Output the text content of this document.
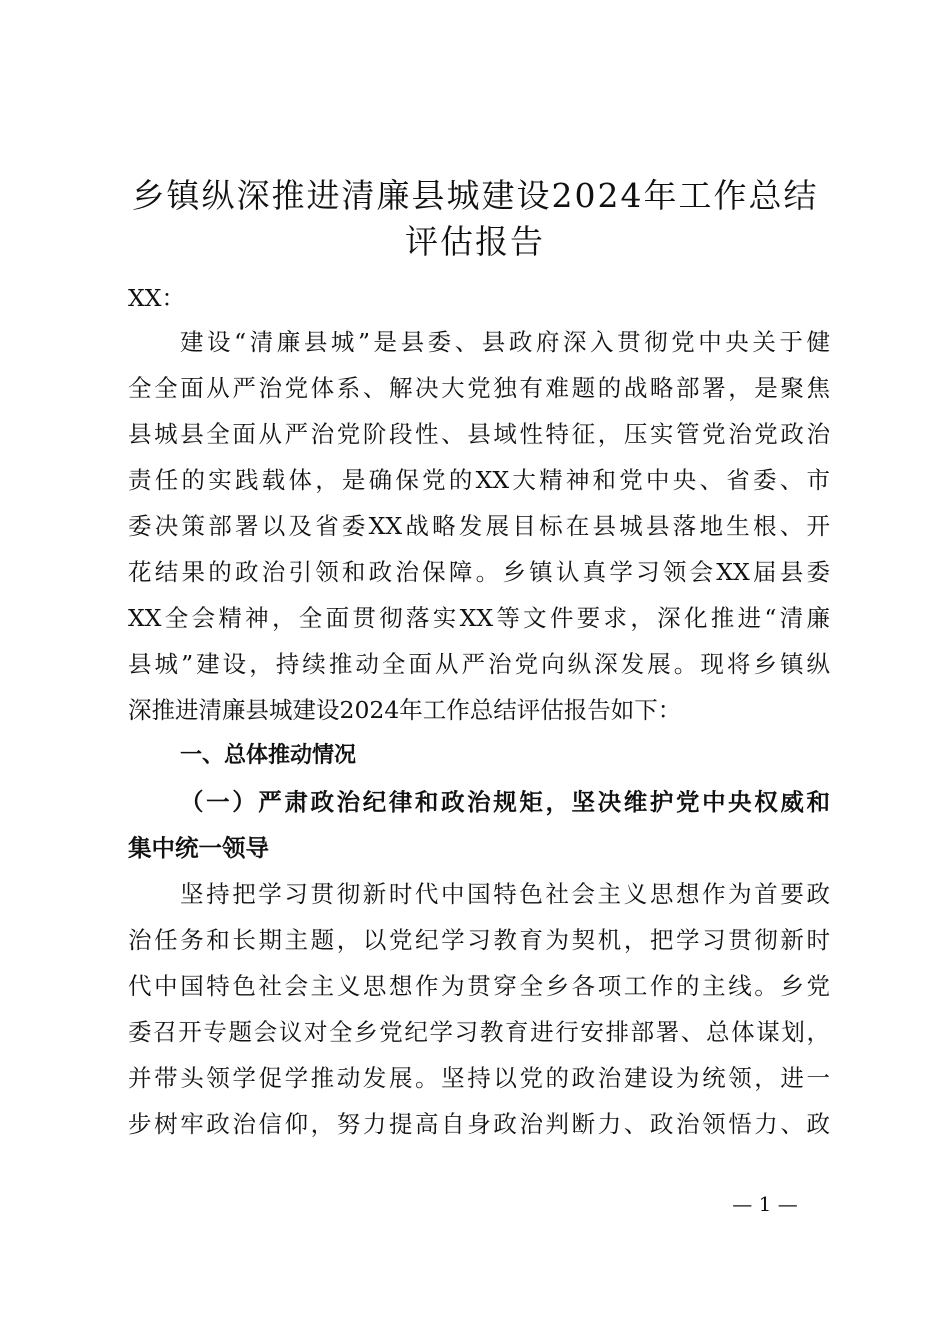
乡镇纵深推进清廉县城建设2024年工作总结
评估报告

XX：

建设“清廉县城”是县委、县政府深入贯彻党中央关于健

全全面从严治党体系、解决大党独有难题的战略部署，是聚焦

县城县全面从严治党阶段性、县域性特征，压实管党治党政治

责任的实践载体，是确保党的XX大精神和党中央、省委、市

委决策部署以及省委XX战略发展目标在县城县落地生根、开

花结果的政治引领和政治保障。乡镇认真学习领会XX届县委

XX全会精神，全面贯彻落实XX等文件要求，深化推进“清廉

县城”建设，持续推动全面从严治党向纵深发展。现将乡镇纵

深推进清廉县城建设2024年工作总结评估报告如下：

一、总体推动情况

（一）严肃政治纪律和政治规矩，坚决维护党中央权威和

集中统一领导

坚持把学习贯彻新时代中国特色社会主义思想作为首要政

治任务和长期主题，以党纪学习教育为契机，把学习贯彻新时

代中国特色社会主义思想作为贯穿全乡各项工作的主线。乡党

委召开专题会议对全乡党纪学习教育进行安排部署、总体谋划，

并带头领学促学推动发展。坚持以党的政治建设为统领，进一

步树牢政治信仰，努力提高自身政治判断力、政治领悟力、政

— 1 —
